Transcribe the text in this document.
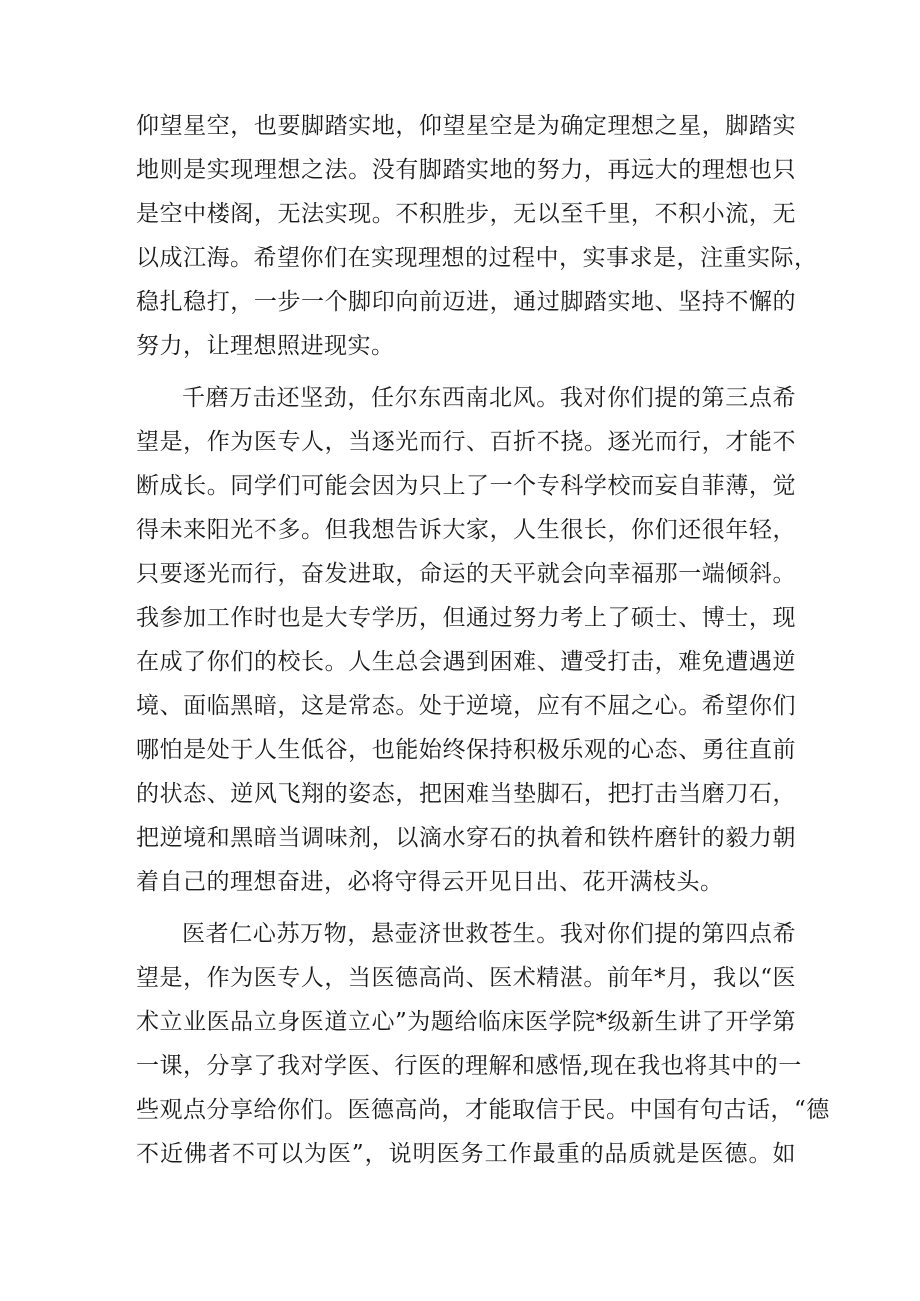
仰望星空，也要脚踏实地，仰望星空是为确定理想之星，脚踏实
地则是实现理想之法。没有脚踏实地的努力，再远大的理想也只
是空中楼阁，无法实现。不积胜步，无以至千里，不积小流，无
以成江海。希望你们在实现理想的过程中，实事求是，注重实际，
稳扎稳打，一步一个脚印向前迈进，通过脚踏实地、坚持不懈的
努力，让理想照进现实。
千磨万击还坚劲，任尔东西南北风。我对你们提的第三点希
望是，作为医专人，当逐光而行、百折不挠。逐光而行，才能不
断成长。同学们可能会因为只上了一个专科学校而妄自菲薄，觉
得未来阳光不多。但我想告诉大家，人生很长，你们还很年轻，
只要逐光而行，奋发进取，命运的天平就会向幸福那一端倾斜。
我参加工作时也是大专学历，但通过努力考上了硕士、博士，现
在成了你们的校长。人生总会遇到困难、遭受打击，难免遭遇逆
境、面临黑暗，这是常态。处于逆境，应有不屈之心。希望你们
哪怕是处于人生低谷，也能始终保持积极乐观的心态、勇往直前
的状态、逆风飞翔的姿态，把困难当垫脚石，把打击当磨刀石，
把逆境和黑暗当调味剂，以滴水穿石的执着和铁杵磨针的毅力朝
着自己的理想奋进，必将守得云开见日出、花开满枝头。
医者仁心苏万物，悬壶济世救苍生。我对你们提的第四点希
望是，作为医专人，当医德高尚、医术精湛。前年*月，我以“医
术立业医品立身医道立心”为题给临床医学院*级新生讲了开学第
一课，分享了我对学医、行医的理解和感悟,现在我也将其中的一
些观点分享给你们。医德高尚，才能取信于民。中国有句古话，“德
不近佛者不可以为医”，说明医务工作最重的品质就是医德。如
